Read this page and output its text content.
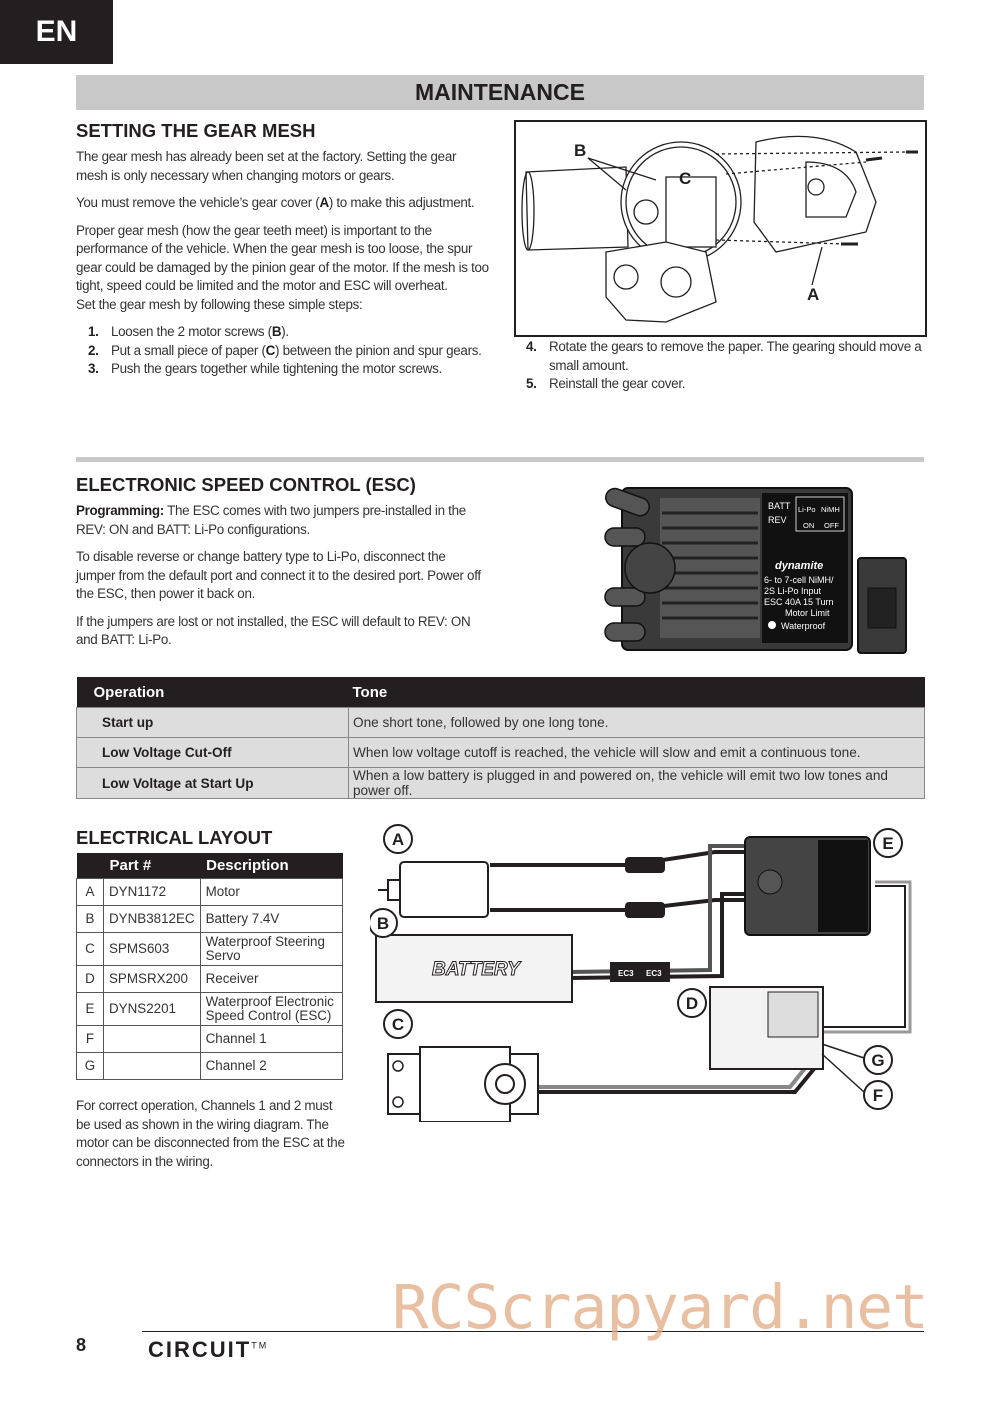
EN
MAINTENANCE
SETTING THE GEAR MESH
The gear mesh has already been set at the factory. Setting the gear mesh is only necessary when changing motors or gears.
You must remove the vehicle’s gear cover (A) to make this adjustment.
Proper gear mesh (how the gear teeth meet) is important to the performance of the vehicle. When the gear mesh is too loose, the spur gear could be damaged by the pinion gear of the motor. If the mesh is too tight, speed could be limited and the motor and ESC will overheat.
Set the gear mesh by following these simple steps:
1. Loosen the 2 motor screws (B).
2. Put a small piece of paper (C) between the pinion and spur gears.
3. Push the gears together while tightening the motor screws.
B
C
A
4. Rotate the gears to remove the paper. The gearing should move a small amount.
5. Reinstall the gear cover.
ELECTRONIC SPEED CONTROL (ESC)
Programming: The ESC comes with two jumpers pre-installed in the REV: ON and BATT: Li-Po configurations.
To disable reverse or change battery type to Li-Po, disconnect the jumper from the default port and connect it to the desired port. Power off the ESC, then power it back on.
If the jumpers are lost or not installed, the ESC will default to REV: ON and BATT: Li-Po.
BATT
REV
Li-Po NiMH
ON OFF
dynamite
6- to 7-cell NiMH/
2S Li-Po Input
ESC 40A 15 Turn
Motor Limit
Waterproof
Operation	Tone
Start up	One short tone, followed by one long tone.
Low Voltage Cut-Off	When low voltage cutoff is reached, the vehicle will slow and emit a continuous tone.
Low Voltage at Start Up	When a low battery is plugged in and powered on, the vehicle will emit two low tones and power off.
ELECTRICAL LAYOUT
	Part #	Description
A	DYN1172	Motor
B	DYNB3812EC	Battery 7.4V
C	SPMS603	Waterproof Steering Servo
D	SPMSRX200	Receiver
E	DYNS2201	Waterproof Electronic Speed Control (ESC)
F		Channel 1
G		Channel 2
For correct operation, Channels 1 and 2 must be used as shown in the wiring diagram. The motor can be disconnected from the ESC at the connectors in the wiring.
EC3 EC3
A
BATTERY
B
C
D
E
G
F
8	CIRCUIT™
RCScrapyard.net
